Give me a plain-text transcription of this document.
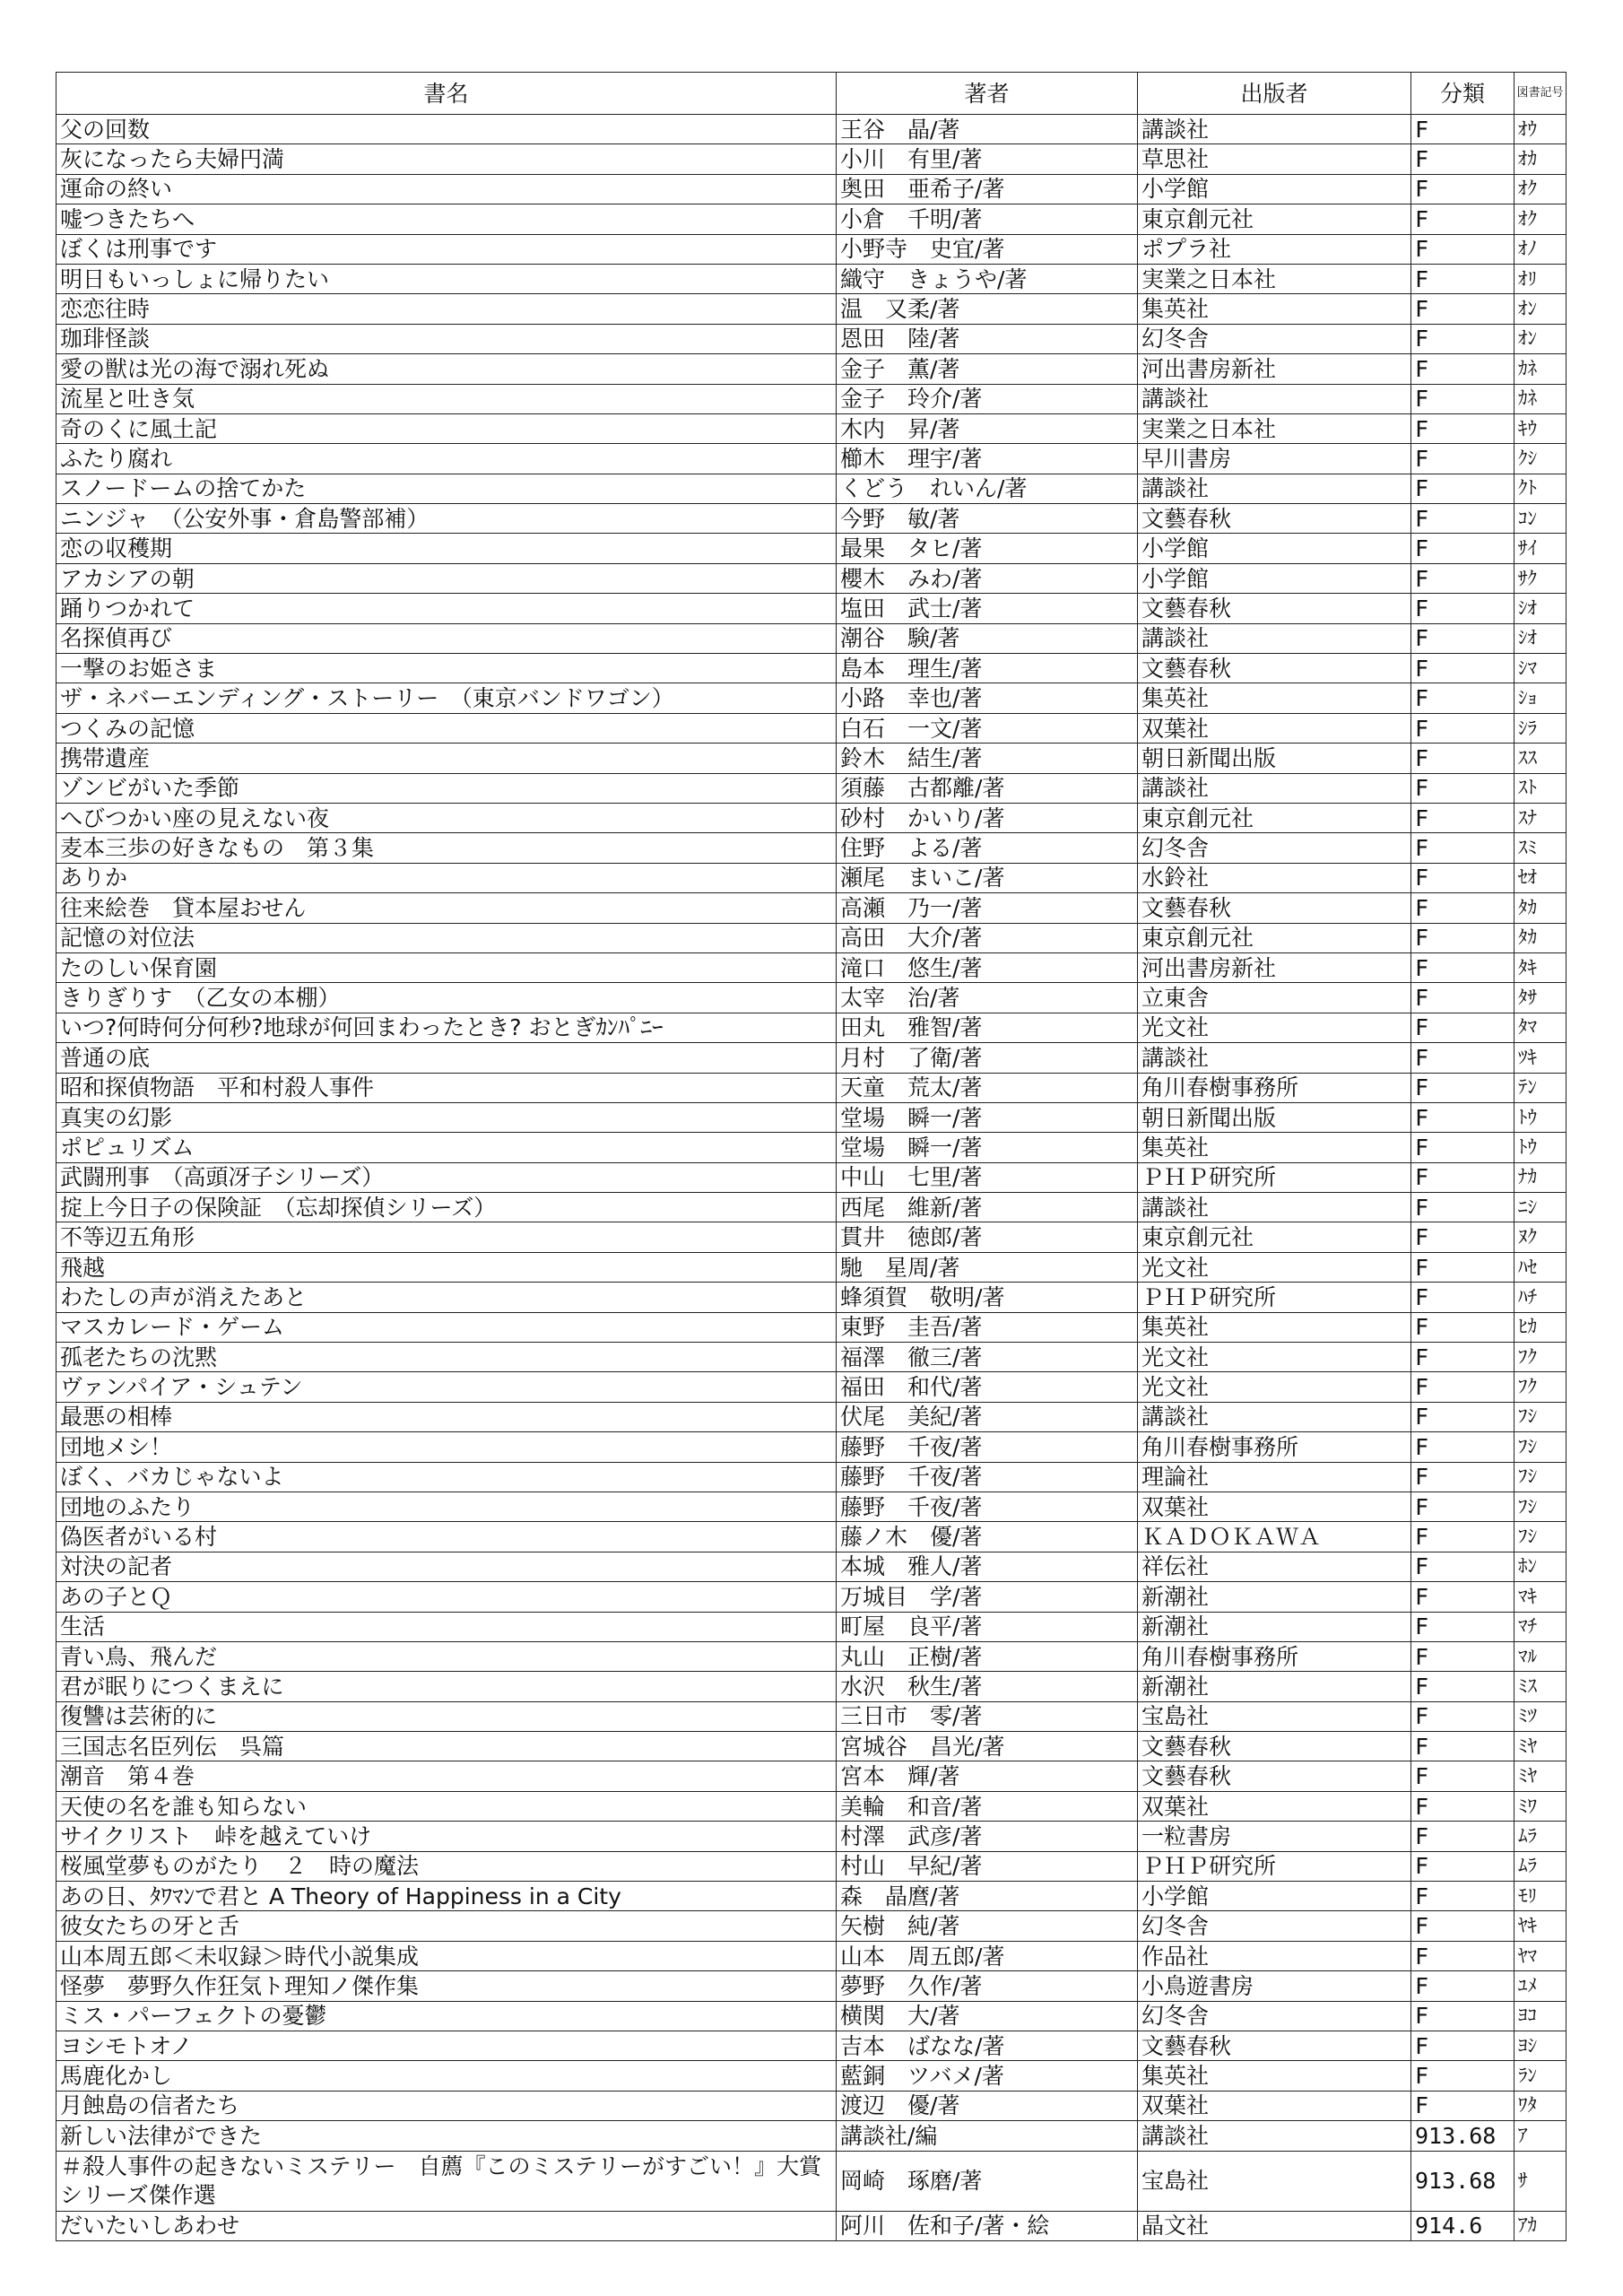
書名	著者	出版者	分類	図書記号
父の回数	王谷　晶/著	講談社	F	ｵｳ
灰になったら夫婦円満	小川　有里/著	草思社	F	ｵｶ
運命の終い	奥田　亜希子/著	小学館	F	ｵｸ
嘘つきたちへ	小倉　千明/著	東京創元社	F	ｵｸ
ぼくは刑事です	小野寺　史宜/著	ポプラ社	F	ｵﾉ
明日もいっしょに帰りたい	織守　きょうや/著	実業之日本社	F	ｵﾘ
恋恋往時	温　又柔/著	集英社	F	ｵﾝ
珈琲怪談	恩田　陸/著	幻冬舎	F	ｵﾝ
愛の獣は光の海で溺れ死ぬ	金子　薫/著	河出書房新社	F	ｶﾈ
流星と吐き気	金子　玲介/著	講談社	F	ｶﾈ
奇のくに風土記	木内　昇/著	実業之日本社	F	ｷｳ
ふたり腐れ	櫛木　理宇/著	早川書房	F	ｸｼ
スノードームの捨てかた	くどう　れいん/著	講談社	F	ｸﾄ
ニンジャ　（公安外事・倉島警部補）	今野　敏/著	文藝春秋	F	ｺﾝ
恋の収穫期	最果　タヒ/著	小学館	F	ｻｲ
アカシアの朝	櫻木　みわ/著	小学館	F	ｻｸ
踊りつかれて	塩田　武士/著	文藝春秋	F	ｼｵ
名探偵再び	潮谷　験/著	講談社	F	ｼｵ
一撃のお姫さま	島本　理生/著	文藝春秋	F	ｼﾏ
ザ・ネバーエンディング・ストーリー　（東京バンドワゴン）	小路　幸也/著	集英社	F	ｼｮ
つくみの記憶	白石　一文/著	双葉社	F	ｼﾗ
携帯遺産	鈴木　結生/著	朝日新聞出版	F	ｽｽ
ゾンビがいた季節	須藤　古都離/著	講談社	F	ｽﾄ
へびつかい座の見えない夜	砂村　かいり/著	東京創元社	F	ｽﾅ
麦本三歩の好きなもの　第３集	住野　よる/著	幻冬舎	F	ｽﾐ
ありか	瀬尾　まいこ/著	水鈴社	F	ｾｵ
往来絵巻　貸本屋おせん	高瀬　乃一/著	文藝春秋	F	ﾀｶ
記憶の対位法	高田　大介/著	東京創元社	F	ﾀｶ
たのしい保育園	滝口　悠生/著	河出書房新社	F	ﾀｷ
きりぎりす　（乙女の本棚）	太宰　治/著	立東舎	F	ﾀｻ
いつ?何時何分何秒?地球が何回まわったとき? おとぎｶﾝﾊﾟﾆｰ	田丸　雅智/著	光文社	F	ﾀﾏ
普通の底	月村　了衛/著	講談社	F	ﾂｷ
昭和探偵物語　平和村殺人事件	天童　荒太/著	角川春樹事務所	F	ﾃﾝ
真実の幻影	堂場　瞬一/著	朝日新聞出版	F	ﾄｳ
ポピュリズム	堂場　瞬一/著	集英社	F	ﾄｳ
武闘刑事　（高頭冴子シリーズ）	中山　七里/著	ＰＨＰ研究所	F	ﾅｶ
掟上今日子の保険証　（忘却探偵シリーズ）	西尾　維新/著	講談社	F	ﾆｼ
不等辺五角形	貫井　徳郎/著	東京創元社	F	ﾇｸ
飛越	馳　星周/著	光文社	F	ﾊｾ
わたしの声が消えたあと	蜂須賀　敬明/著	ＰＨＰ研究所	F	ﾊﾁ
マスカレード・ゲーム	東野　圭吾/著	集英社	F	ﾋｶ
孤老たちの沈黙	福澤　徹三/著	光文社	F	ﾌｸ
ヴァンパイア・シュテン	福田　和代/著	光文社	F	ﾌｸ
最悪の相棒	伏尾　美紀/著	講談社	F	ﾌｼ
団地メシ！	藤野　千夜/著	角川春樹事務所	F	ﾌｼ
ぼく、バカじゃないよ	藤野　千夜/著	理論社	F	ﾌｼ
団地のふたり	藤野　千夜/著	双葉社	F	ﾌｼ
偽医者がいる村	藤ノ木　優/著	ＫＡＤＯＫＡＷＡ	F	ﾌｼ
対決の記者	本城　雅人/著	祥伝社	F	ﾎﾝ
あの子とＱ	万城目　学/著	新潮社	F	ﾏｷ
生活	町屋　良平/著	新潮社	F	ﾏﾁ
青い鳥、飛んだ	丸山　正樹/著	角川春樹事務所	F	ﾏﾙ
君が眠りにつくまえに	水沢　秋生/著	新潮社	F	ﾐｽ
復讐は芸術的に	三日市　零/著	宝島社	F	ﾐﾂ
三国志名臣列伝　呉篇	宮城谷　昌光/著	文藝春秋	F	ﾐﾔ
潮音　第４巻	宮本　輝/著	文藝春秋	F	ﾐﾔ
天使の名を誰も知らない	美輪　和音/著	双葉社	F	ﾐﾜ
サイクリスト　峠を越えていけ	村澤　武彦/著	一粒書房	F	ﾑﾗ
桜風堂夢ものがたり　２　時の魔法	村山　早紀/著	ＰＨＰ研究所	F	ﾑﾗ
あの日、ﾀﾜﾏﾝで君と A Theory of Happiness in a City	森　晶麿/著	小学館	F	ﾓﾘ
彼女たちの牙と舌	矢樹　純/著	幻冬舎	F	ﾔｷ
山本周五郎＜未収録＞時代小説集成	山本　周五郎/著	作品社	F	ﾔﾏ
怪夢　夢野久作狂気ト理知ノ傑作集	夢野　久作/著	小鳥遊書房	F	ﾕﾒ
ミス・パーフェクトの憂鬱	横関　大/著	幻冬舎	F	ﾖｺ
ヨシモトオノ	吉本　ばなな/著	文藝春秋	F	ﾖｼ
馬鹿化かし	藍銅　ツバメ/著	集英社	F	ﾗﾝ
月蝕島の信者たち	渡辺　優/著	双葉社	F	ﾜﾀ
新しい法律ができた	講談社/編	講談社	913.68	ｱ
＃殺人事件の起きないミステリー　自薦『このミステリーがすごい！』大賞シリーズ傑作選	岡崎　琢磨/著	宝島社	913.68	ｻ
だいたいしあわせ	阿川　佐和子/著・絵	晶文社	914.6	ｱｶ
